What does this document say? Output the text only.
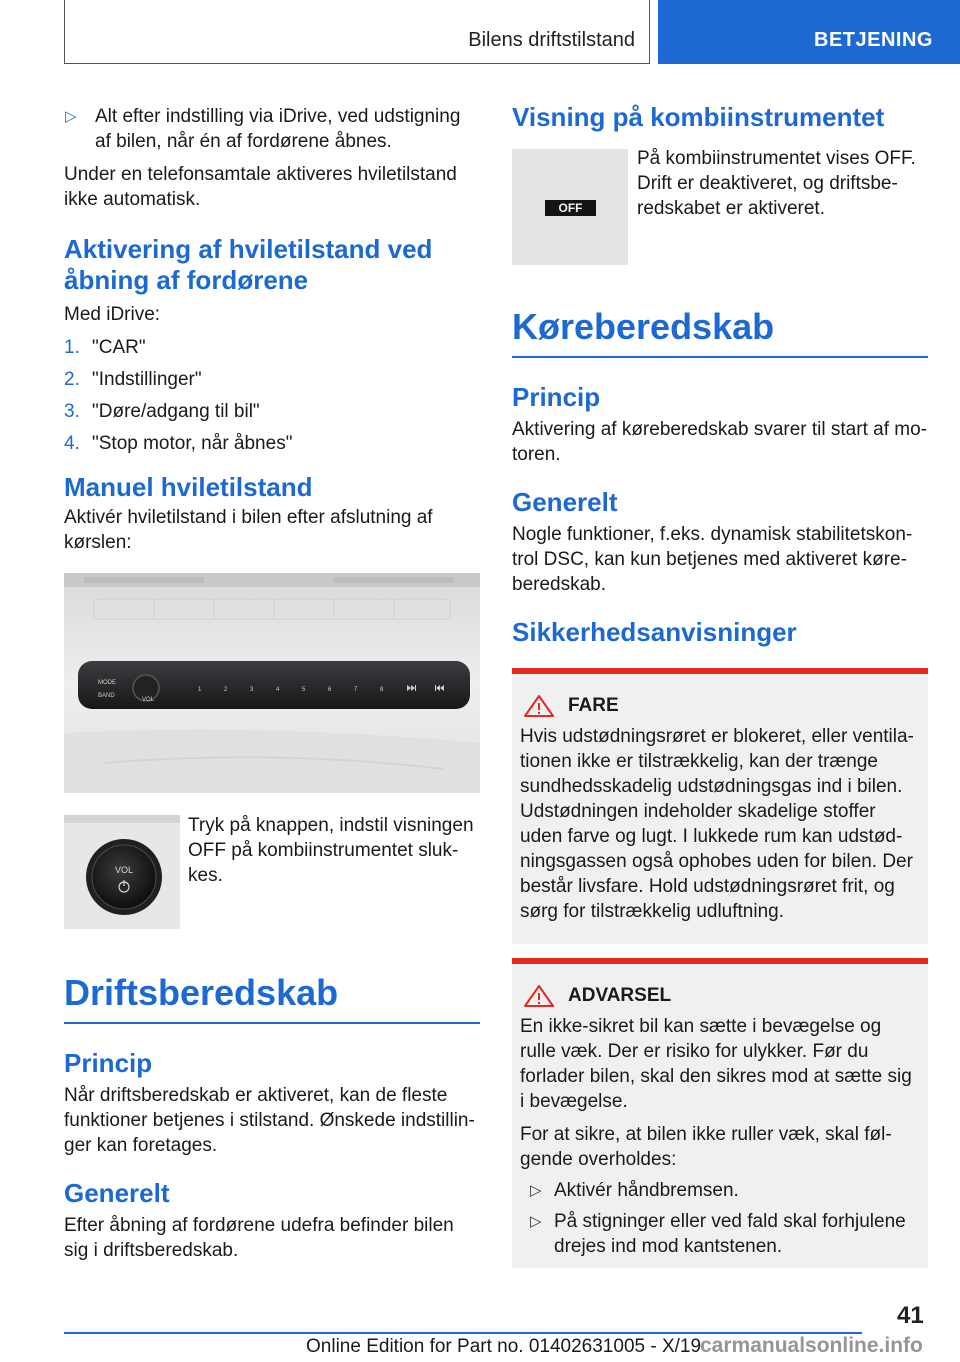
Bilens driftstilstand	BETJENING
▷ Alt efter indstilling via iDrive, ved udstigning af bilen, når én af fordørene åbnes.

Under en telefonsamtale aktiveres hviletilstand ikke automatisk.

Aktivering af hviletilstand ved åbning af fordørene

Med iDrive:

1. "CAR"
2. "Indstillinger"
3. "Døre/adgang til bil"
4. "Stop motor, når åbnes"
Manuel hviletilstand

Aktivér hviletilstand i bilen efter afslutning af kørslen:

MODE
BAND
VOL
1	2	3	4	5	6	7	8
VOL

Tryk på knappen, indstil visningen OFF på kombiinstrumentet slukkes.

Driftsberedskab
Princip

Når driftsberedskab er aktiveret, kan de fleste funktioner betjenes i stilstand. Ønskede indstillinger kan foretages.

Generelt

Efter åbning af fordørene udefra befinder bilen sig i driftsberedskab.

Visning på kombiinstrumentet
OFF

På kombiinstrumentet vises OFF. Drift er deaktiveret, og driftsberedskabet er aktiveret.

Køreberedskab
Princip

Aktivering af køreberedskab svarer til start af motoren.

Generelt

Nogle funktioner, f.eks. dynamisk stabilitetskontrol DSC, kan kun betjenes med aktiveret køreberedskab.

Sikkerhedsanvisninger
FARE

Hvis udstødningsrøret er blokeret, eller ventilationen ikke er tilstrækkelig, kan der trænge sundhedsskadelig udstødningsgas ind i bilen. Udstødningen indeholder skadelige stoffer uden farve og lugt. I lukkede rum kan udstødningsgassen også ophobes uden for bilen. Der består livsfare. Hold udstødningsrøret frit, og sørg for tilstrækkelig udluftning.

ADVARSEL

En ikke-sikret bil kan sætte i bevægelse og rulle væk. Der er risiko for ulykker. Før du forlader bilen, skal den sikres mod at sætte sig i bevægelse.

For at sikre, at bilen ikke ruller væk, skal følgende overholdes:

▷ Aktivér håndbremsen.
▷ På stigninger eller ved fald skal forhjulene drejes ind mod kantstenen.
41
Online Edition for Part no. 01402631005 - X/19
carmanualsonline.info
